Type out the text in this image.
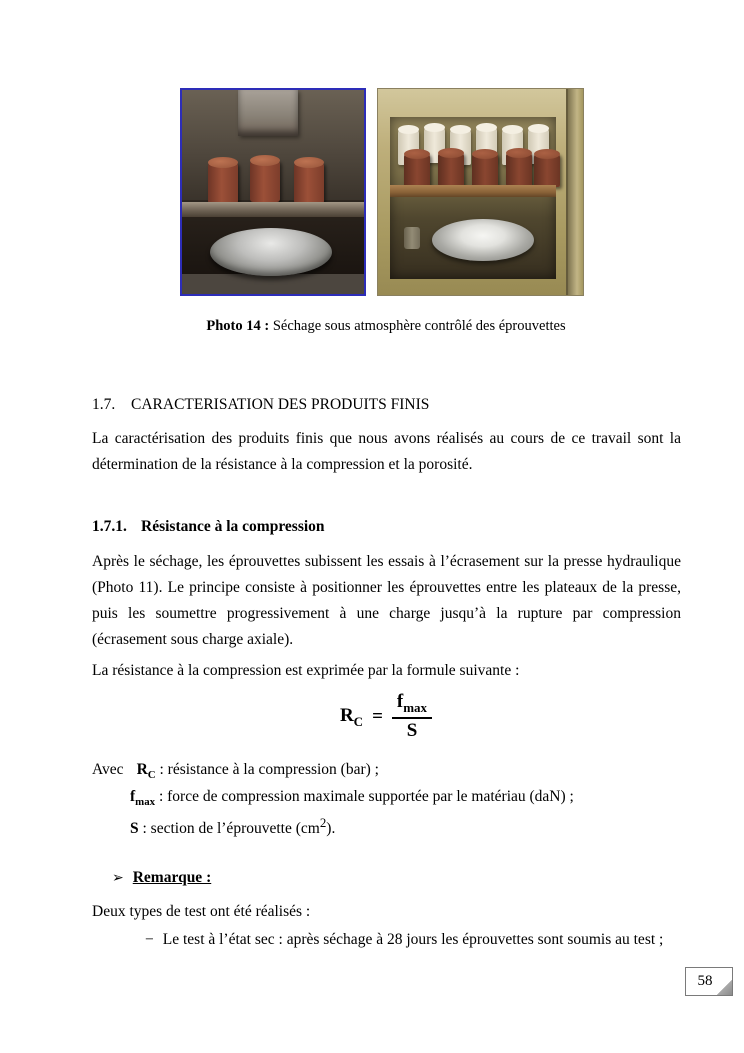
Photo 14 : Séchage sous atmosphère contrôlé des éprouvettes

1.7. CARACTERISATION DES PRODUITS FINIS

La caractérisation des produits finis que nous avons réalisés au cours de ce travail sont la détermination de la résistance à la compression et la porosité.

1.7.1. Résistance à la compression

Après le séchage, les éprouvettes subissent les essais à l’écrasement sur la presse hydraulique (Photo 11). Le principe consiste à positionner les éprouvettes entre les plateaux de la presse, puis les soumettre progressivement à une charge jusqu’à la rupture par compression (écrasement sous charge axiale).

La résistance à la compression est exprimée par la formule suivante :

$R_C = \frac{f_{max}}{S}$

Avec $R_C$ : résistance à la compression (bar) ;

$f_{max}$ : force de compression maximale supportée par le matériau (daN) ;

S : section de l’éprouvette $(cm^2)$.

➢ Remarque :

Deux types de test ont été réalisés :

− Le test à l’état sec : après séchage à 28 jours les éprouvettes sont soumis au test ;

58
